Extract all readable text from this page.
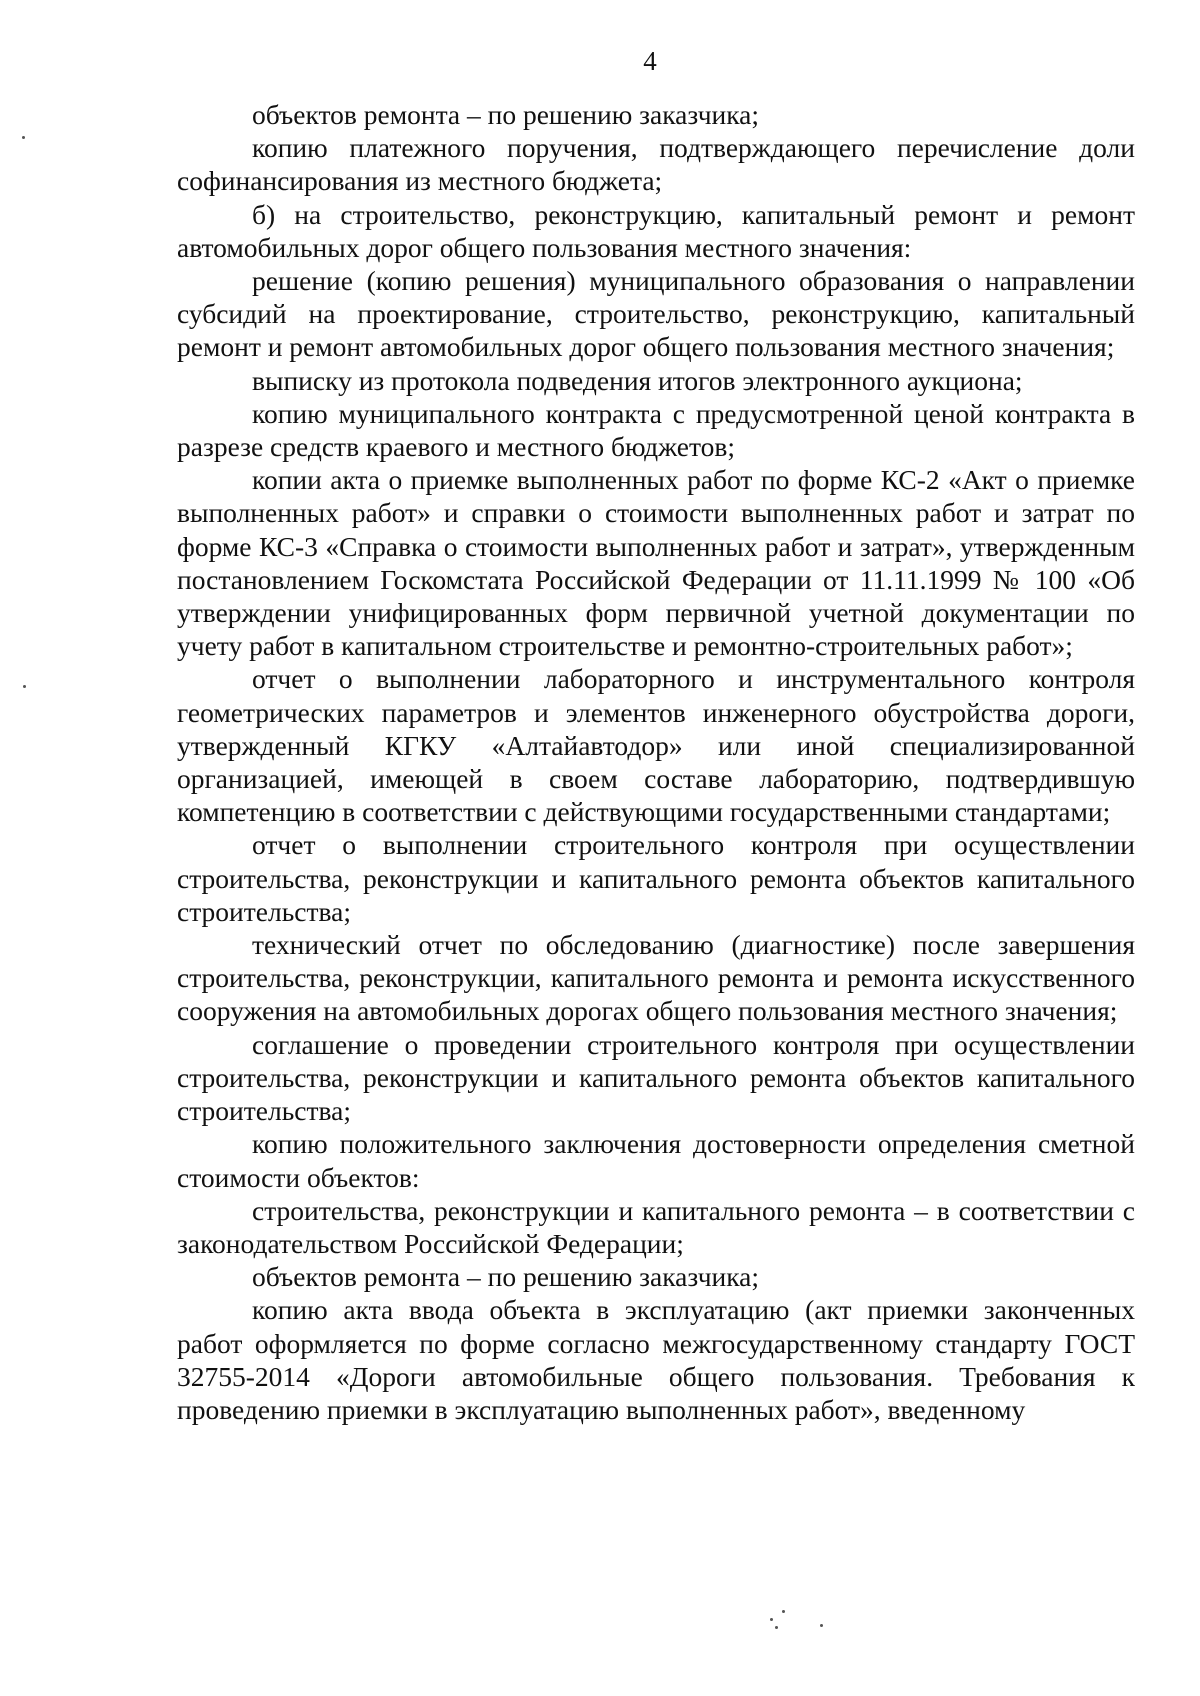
4

объектов ремонта – по решению заказчика;

копию платежного поручения, подтверждающего перечисление доли софинансирования из местного бюджета;

б) на строительство, реконструкцию, капитальный ремонт и ремонт автомобильных дорог общего пользования местного значения:

решение (копию решения) муниципального образования о направлении субсидий на проектирование, строительство, реконструкцию, капитальный ремонт и ремонт автомобильных дорог общего пользования местного значения;

выписку из протокола подведения итогов электронного аукциона;

копию муниципального контракта с предусмотренной ценой контракта в разрезе средств краевого и местного бюджетов;

копии акта о приемке выполненных работ по форме КС-2 «Акт о приемке выполненных работ» и справки о стоимости выполненных работ и затрат по форме КС-3 «Справка о стоимости выполненных работ и затрат», утвержденным постановлением Госкомстата Российской Федерации от 11.11.1999 № 100 «Об утверждении унифицированных форм первичной учетной документации по учету работ в капитальном строительстве и ремонтно-строительных работ»;

отчет о выполнении лабораторного и инструментального контроля геометрических параметров и элементов инженерного обустройства дороги, утвержденный КГКУ «Алтайавтодор» или иной специализированной организацией, имеющей в своем составе лабораторию, подтвердившую компетенцию в соответствии с действующими государственными стандартами;

отчет о выполнении строительного контроля при осуществлении строительства, реконструкции и капитального ремонта объектов капитального строительства;

технический отчет по обследованию (диагностике) после завершения строительства, реконструкции, капитального ремонта и ремонта искусственного сооружения на автомобильных дорогах общего пользования местного значения;

соглашение о проведении строительного контроля при осуществлении строительства, реконструкции и капитального ремонта объектов капитального строительства;

копию положительного заключения достоверности определения сметной стоимости объектов:

строительства, реконструкции и капитального ремонта – в соответствии с законодательством Российской Федерации;

объектов ремонта – по решению заказчика;

копию акта ввода объекта в эксплуатацию (акт приемки законченных работ оформляется по форме согласно межгосударственному стандарту ГОСТ 32755-2014 «Дороги автомобильные общего пользования. Требования к проведению приемки в эксплуатацию выполненных работ», введенному
